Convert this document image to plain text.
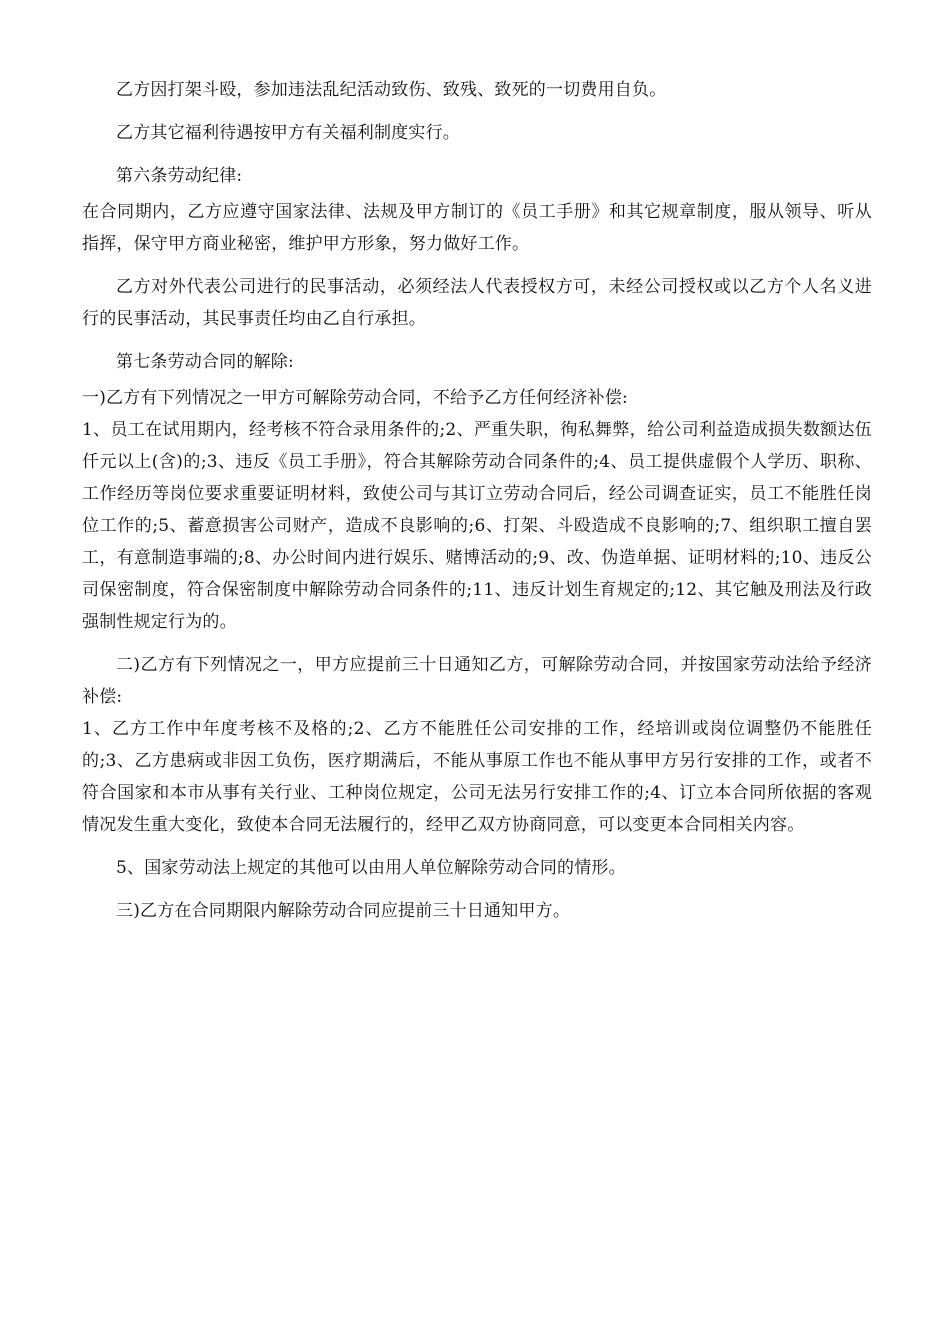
乙方因打架斗殴，参加违法乱纪活动致伤、致残、致死的一切费用自负。

乙方其它福利待遇按甲方有关福利制度实行。

第六条劳动纪律:

在合同期内，乙方应遵守国家法律、法规及甲方制订的《员工手册》和其它规章制度，服从领导、听从指挥，保守甲方商业秘密，维护甲方形象，努力做好工作。

乙方对外代表公司进行的民事活动，必须经法人代表授权方可，未经公司授权或以乙方个人名义进行的民事活动，其民事责任均由乙自行承担。

第七条劳动合同的解除:

一)乙方有下列情况之一甲方可解除劳动合同，不给予乙方任何经济补偿:

1、员工在试用期内，经考核不符合录用条件的;2、严重失职，徇私舞弊，给公司利益造成损失数额达伍仟元以上(含)的;3、违反《员工手册》，符合其解除劳动合同条件的;4、员工提供虚假个人学历、职称、工作经历等岗位要求重要证明材料，致使公司与其订立劳动合同后，经公司调查证实，员工不能胜任岗位工作的;5、蓄意损害公司财产，造成不良影响的;6、打架、斗殴造成不良影响的;7、组织职工擅自罢工，有意制造事端的;8、办公时间内进行娱乐、赌博活动的;9、改、伪造单据、证明材料的;10、违反公司保密制度，符合保密制度中解除劳动合同条件的;11、违反计划生育规定的;12、其它触及刑法及行政强制性规定行为的。

二)乙方有下列情况之一，甲方应提前三十日通知乙方，可解除劳动合同，并按国家劳动法给予经济补偿:

1、乙方工作中年度考核不及格的;2、乙方不能胜任公司安排的工作，经培训或岗位调整仍不能胜任的;3、乙方患病或非因工负伤，医疗期满后，不能从事原工作也不能从事甲方另行安排的工作，或者不符合国家和本市从事有关行业、工种岗位规定，公司无法另行安排工作的;4、订立本合同所依据的客观情况发生重大变化，致使本合同无法履行的，经甲乙双方协商同意，可以变更本合同相关内容。

5、国家劳动法上规定的其他可以由用人单位解除劳动合同的情形。

三)乙方在合同期限内解除劳动合同应提前三十日通知甲方。
